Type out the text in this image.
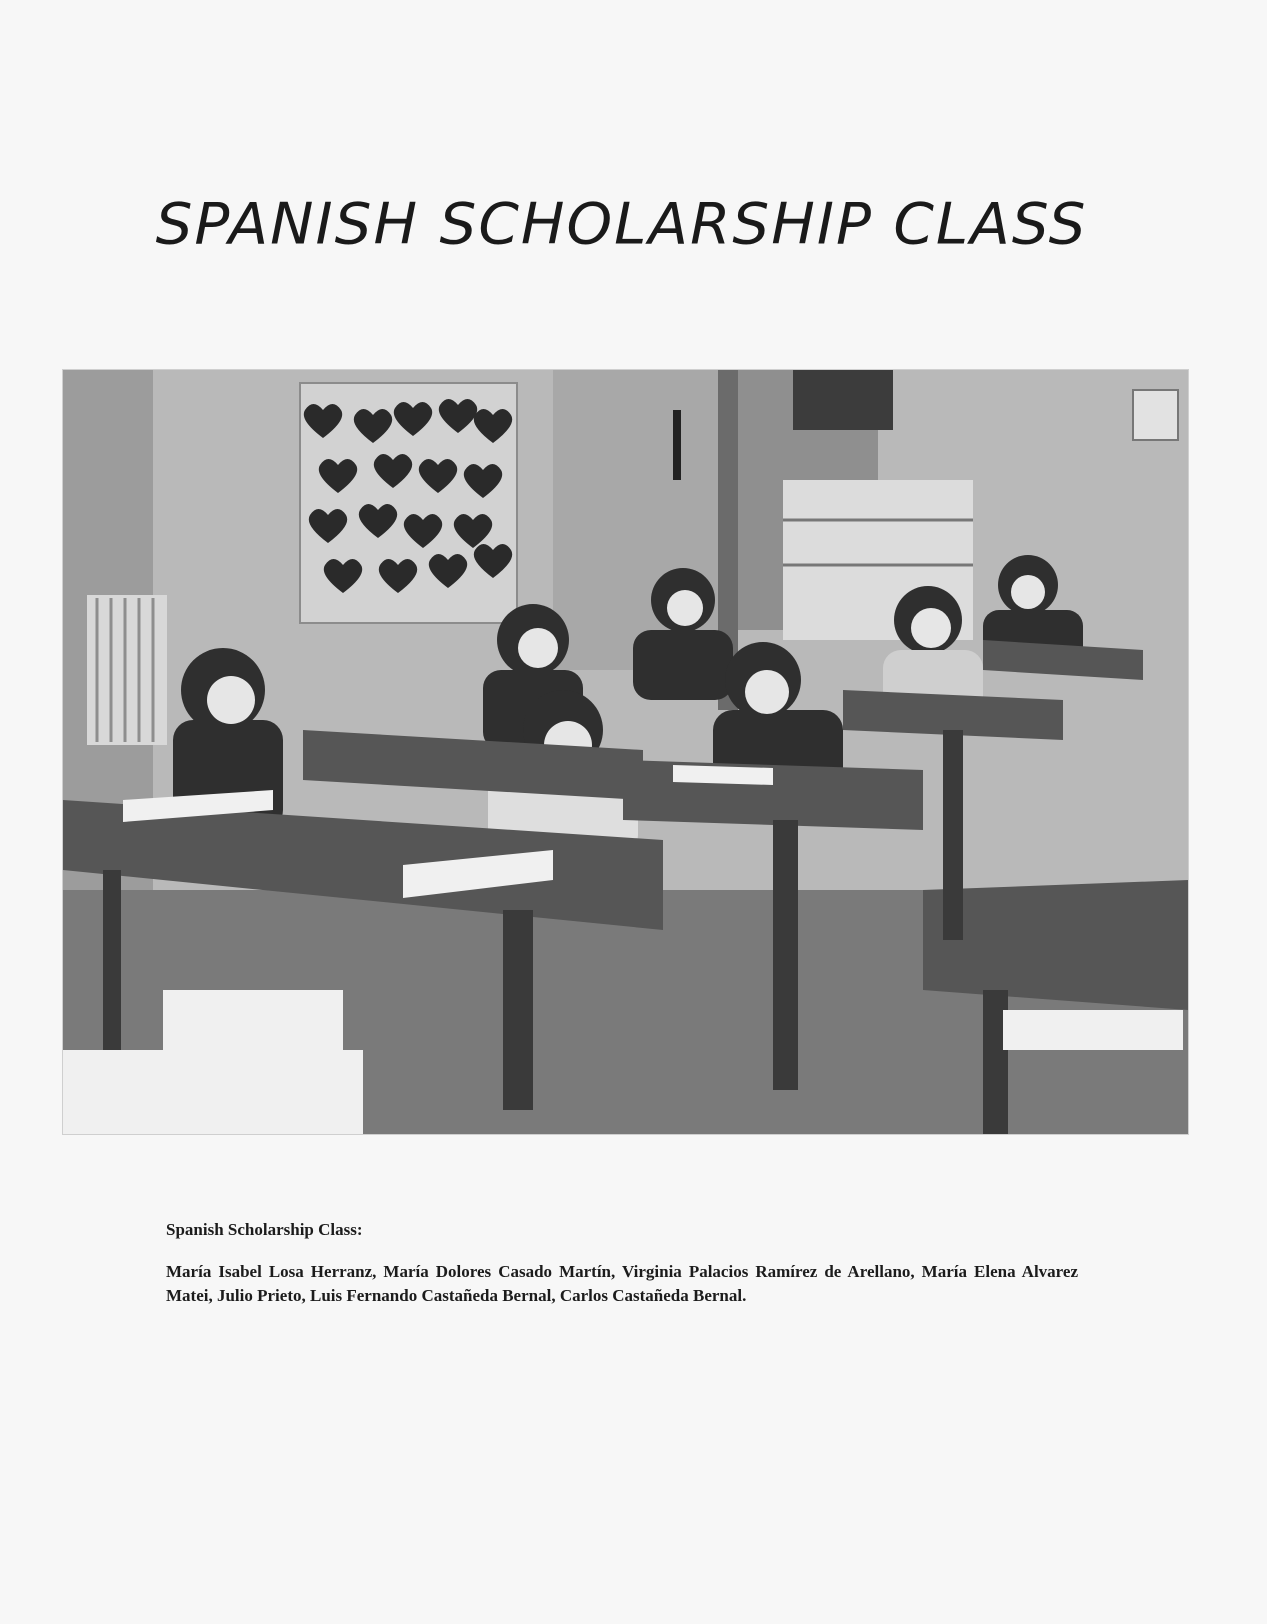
SPANISH SCHOLARSHIP CLASS

Spanish Scholarship Class:

María Isabel Losa Herranz, María Dolores Casado Martín, Virginia Palacios Ramírez de Arellano, María Elena Alvarez Matei, Julio Prieto, Luis Fernando Castañeda Bernal, Carlos Castañeda Bernal.
